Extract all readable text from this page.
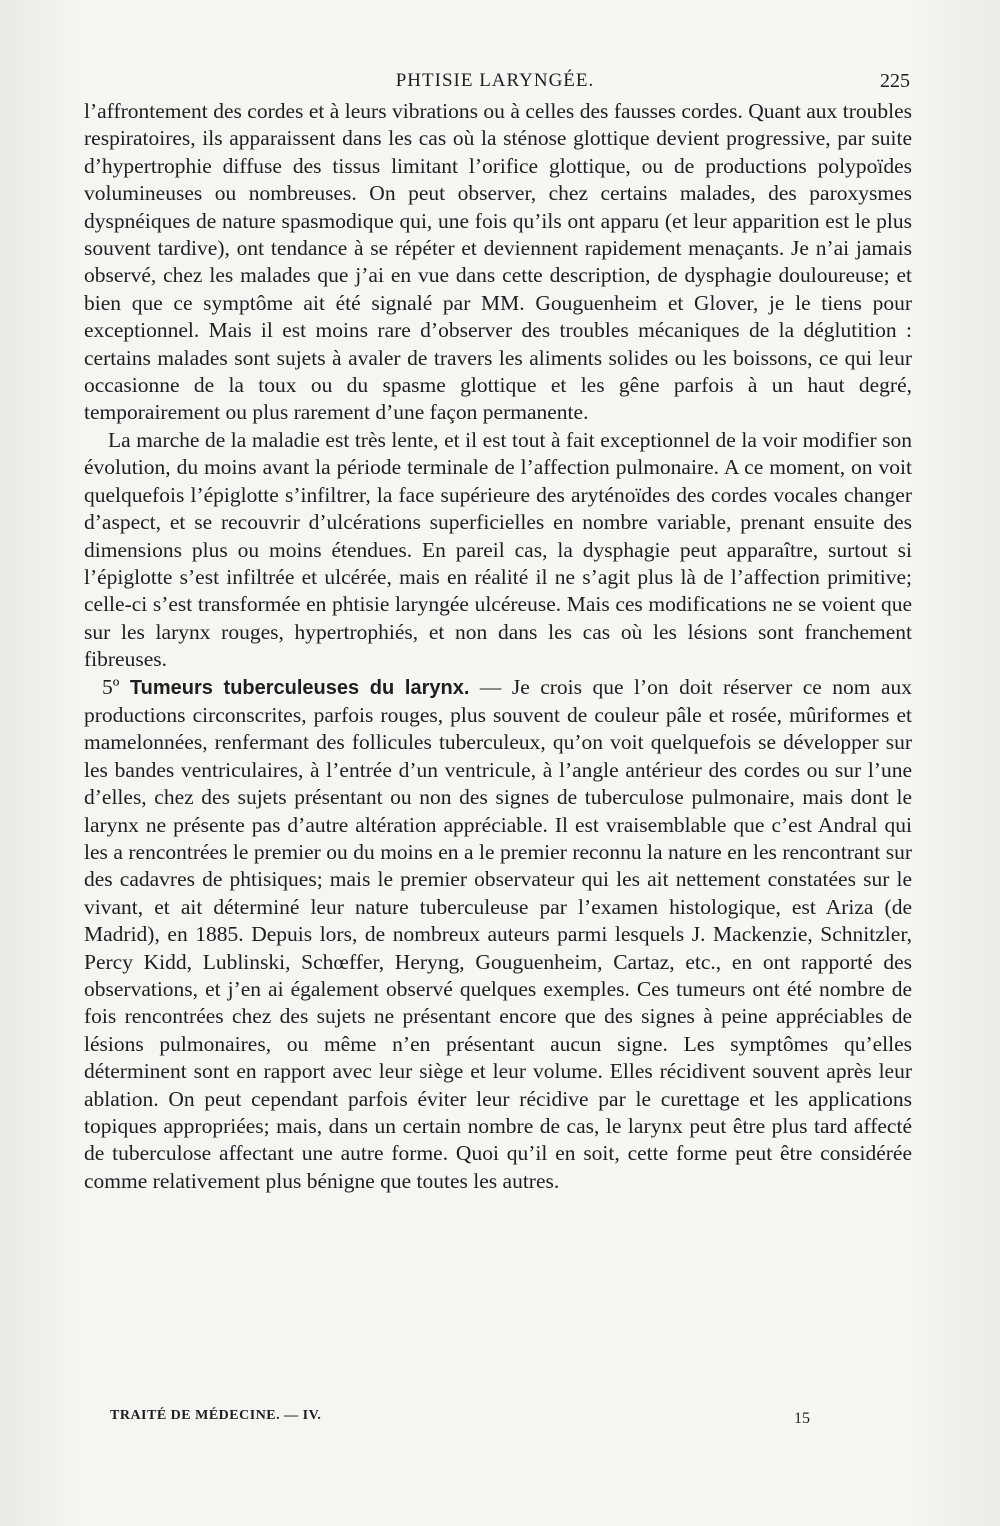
PHTISIE LARYNGÉE.	225

l’affrontement des cordes et à leurs vibrations ou à celles des fausses cordes. Quant aux troubles respiratoires, ils apparaissent dans les cas où la sténose glottique devient progressive, par suite d’hypertrophie diffuse des tissus limitant l’orifice glottique, ou de productions polypoïdes volumineuses ou nombreuses. On peut observer, chez certains malades, des paroxysmes dyspnéiques de nature spasmodique qui, une fois qu’ils ont apparu (et leur apparition est le plus souvent tardive), ont tendance à se répéter et deviennent rapidement menaçants. Je n’ai jamais observé, chez les malades que j’ai en vue dans cette description, de dysphagie douloureuse; et bien que ce symptôme ait été signalé par MM. Gouguenheim et Glover, je le tiens pour exceptionnel. Mais il est moins rare d’observer des troubles mécaniques de la déglutition : certains malades sont sujets à avaler de travers les aliments solides ou les boissons, ce qui leur occasionne de la toux ou du spasme glottique et les gêne parfois à un haut degré, temporairement ou plus rarement d’une façon permanente.

La marche de la maladie est très lente, et il est tout à fait exceptionnel de la voir modifier son évolution, du moins avant la période terminale de l’affection pulmonaire. A ce moment, on voit quelquefois l’épiglotte s’infiltrer, la face supérieure des aryténoïdes des cordes vocales changer d’aspect, et se recouvrir d’ulcérations superficielles en nombre variable, prenant ensuite des dimensions plus ou moins étendues. En pareil cas, la dysphagie peut apparaître, surtout si l’épiglotte s’est infiltrée et ulcérée, mais en réalité il ne s’agit plus là de l’affection primitive; celle-ci s’est transformée en phtisie laryngée ulcéreuse. Mais ces modifications ne se voient que sur les larynx rouges, hypertrophiés, et non dans les cas où les lésions sont franchement fibreuses.

5º Tumeurs tuberculeuses du larynx. — Je crois que l’on doit réserver ce nom aux productions circonscrites, parfois rouges, plus souvent de couleur pâle et rosée, mûriformes et mamelonnées, renfermant des follicules tuberculeux, qu’on voit quelquefois se développer sur les bandes ventriculaires, à l’entrée d’un ventricule, à l’angle antérieur des cordes ou sur l’une d’elles, chez des sujets présentant ou non des signes de tuberculose pulmonaire, mais dont le larynx ne présente pas d’autre altération appréciable. Il est vraisemblable que c’est Andral qui les a rencontrées le premier ou du moins en a le premier reconnu la nature en les rencontrant sur des cadavres de phtisiques; mais le premier observateur qui les ait nettement constatées sur le vivant, et ait déterminé leur nature tuberculeuse par l’examen histologique, est Ariza (de Madrid), en 1885. Depuis lors, de nombreux auteurs parmi lesquels J. Mackenzie, Schnitzler, Percy Kidd, Lublinski, Schœffer, Heryng, Gouguenheim, Cartaz, etc., en ont rapporté des observations, et j’en ai également observé quelques exemples. Ces tumeurs ont été nombre de fois rencontrées chez des sujets ne présentant encore que des signes à peine appréciables de lésions pulmonaires, ou même n’en présentant aucun signe. Les symptômes qu’elles déterminent sont en rapport avec leur siège et leur volume. Elles récidivent souvent après leur ablation. On peut cependant parfois éviter leur récidive par le curettage et les applications topiques appropriées; mais, dans un certain nombre de cas, le larynx peut être plus tard affecté de tuberculose affectant une autre forme. Quoi qu’il en soit, cette forme peut être considérée comme relativement plus bénigne que toutes les autres.

TRAITÉ DE MÉDECINE. — IV.	15
